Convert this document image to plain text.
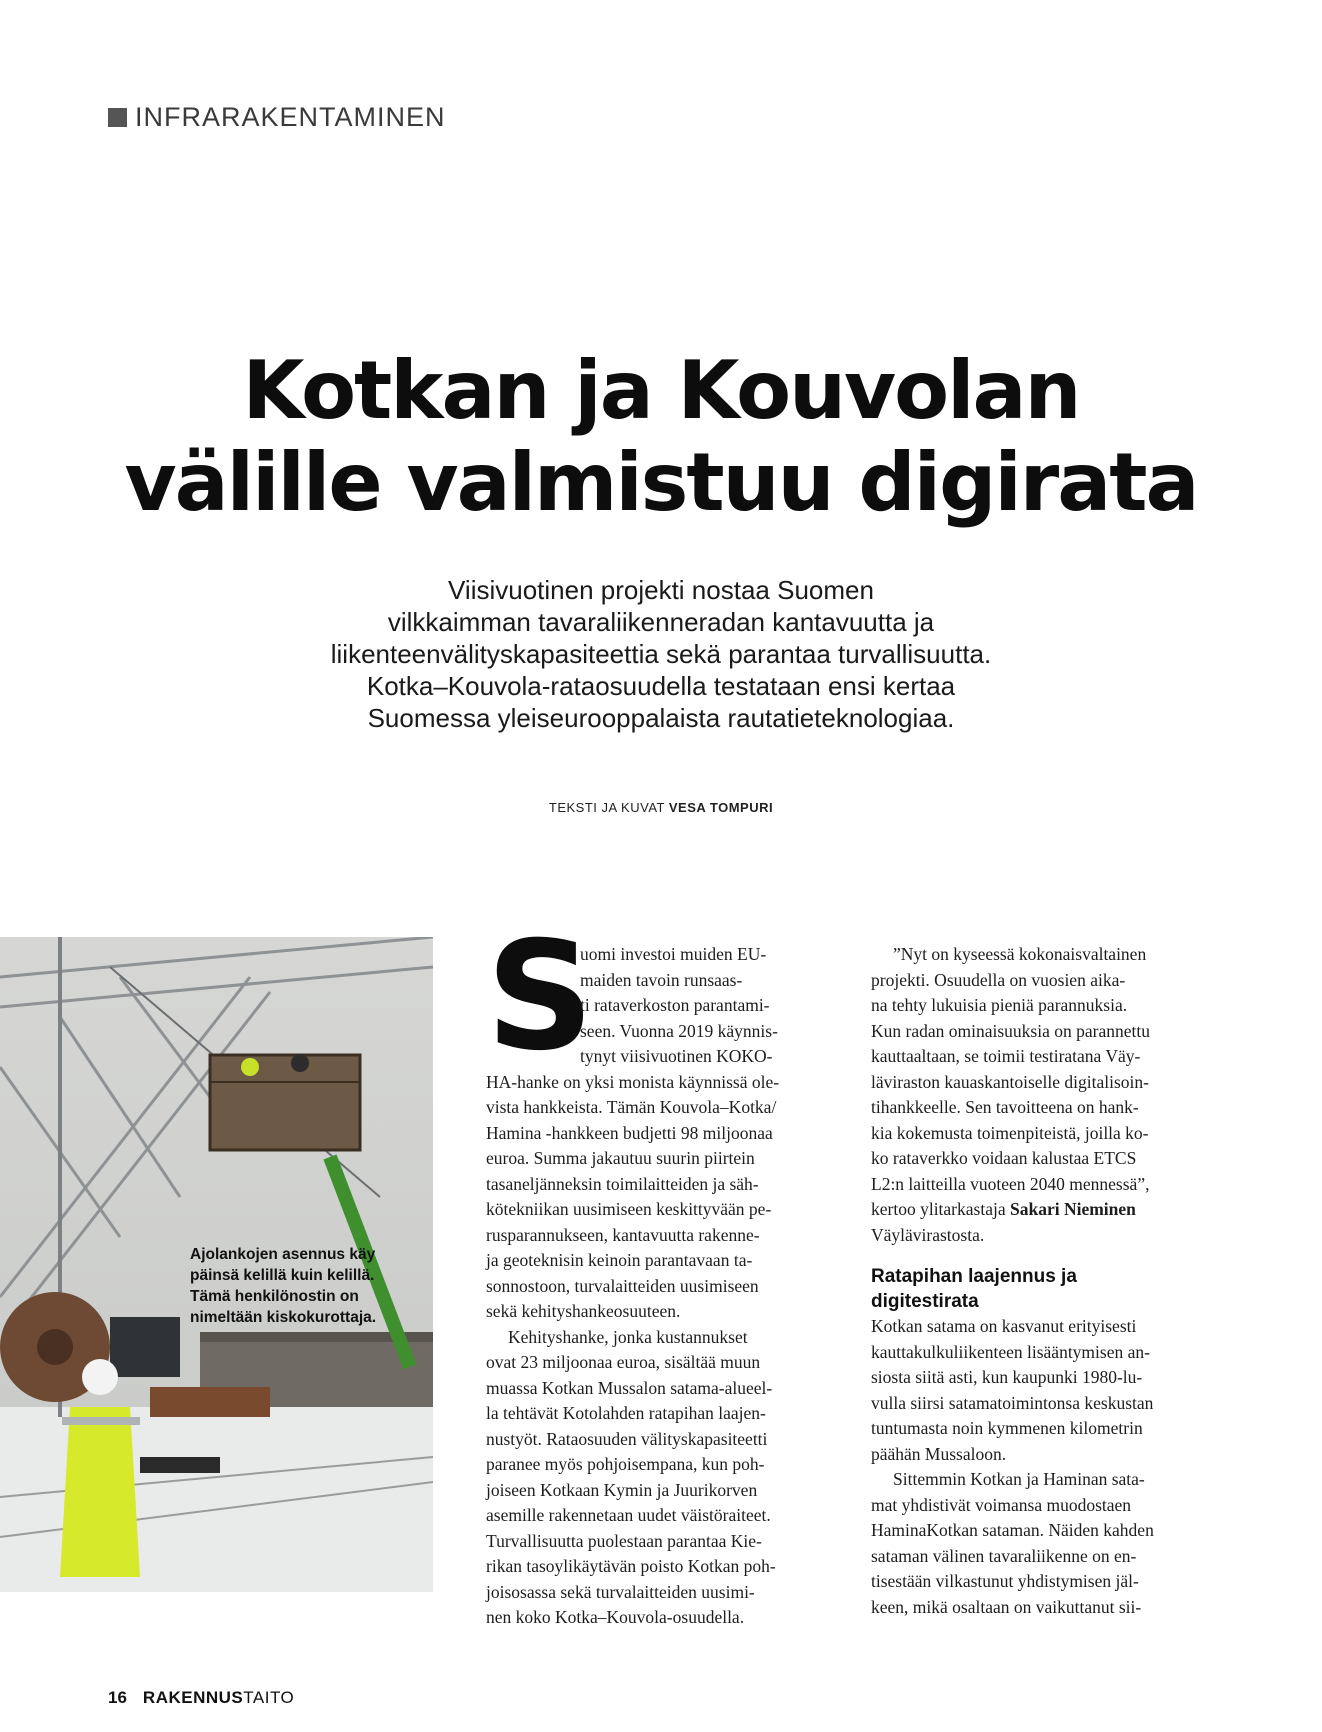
INFRARAKENTAMINEN
Kotkan ja Kouvolan
välille valmistuu digirata
Viisivuotinen projekti nostaa Suomen
vilkkaimman tavaraliikenneradan kantavuutta ja
liikenteenvälityskapasiteettia sekä parantaa turvallisuutta.
Kotka–Kouvola-rataosuudella testataan ensi kertaa
Suomessa yleiseurooppalaista rautatieteknologiaa.
TEKSTI JA KUVAT VESA TOMPURI
Ajolankojen asennus käy päinsä kelillä kuin kelillä. Tämä henkilönostin on nimeltään kiskokurottaja.
S
uomi investoi muiden EU-
maiden tavoin runsaas-
ti rataverkoston parantami-
seen. Vuonna 2019 käynnis-
tynyt viisivuotinen KOKO-
HA-hanke on yksi monista käynnissä ole-
vista hankkeista. Tämän Kouvola–Kotka/
Hamina -hankkeen budjetti 98 miljoonaa
euroa. Summa jakautuu suurin piirtein
tasaneljänneksin toimilaitteiden ja säh-
kötekniikan uusimiseen keskittyvään pe-
rusparannukseen, kantavuutta rakenne-
ja geoteknisin keinoin parantavaan ta-
sonnostoon, turvalaitteiden uusimiseen
sekä kehityshankeosuuteen.
Kehityshanke, jonka kustannukset
ovat 23 miljoonaa euroa, sisältää muun
muassa Kotkan Mussalon satama-alueel-
la tehtävät Kotolahden ratapihan laajen-
nustyöt. Rataosuuden välityskapasiteetti
paranee myös pohjoisempana, kun poh-
joiseen Kotkaan Kymin ja Juurikorven
asemille rakennetaan uudet väistöraiteet.
Turvallisuutta puolestaan parantaa Kie-
rikan tasoylikäytävän poisto Kotkan poh-
joisosassa sekä turvalaitteiden uusimi-
nen koko Kotka–Kouvola-osuudella.
”Nyt on kyseessä kokonaisvaltainen
projekti. Osuudella on vuosien aika-
na tehty lukuisia pieniä parannuksia.
Kun radan ominaisuuksia on parannettu
kauttaaltaan, se toimii testiratana Väy-
läviraston kauaskantoiselle digitalisoin-
tihankkeelle. Sen tavoitteena on hank-
kia kokemusta toimenpiteistä, joilla ko-
ko rataverkko voidaan kalustaa ETCS
L2:n laitteilla vuoteen 2040 mennessä”,
kertoo ylitarkastaja Sakari Nieminen
Väylävirastosta.
Ratapihan laajennus ja
digitestirata
Kotkan satama on kasvanut erityisesti
kauttakulkuliikenteen lisääntymisen an-
siosta siitä asti, kun kaupunki 1980-lu-
vulla siirsi satamatoimintonsa keskustan
tuntumasta noin kymmenen kilometrin
päähän Mussaloon.
Sittemmin Kotkan ja Haminan sata-
mat yhdistivät voimansa muodostaen
HaminaKotkan sataman. Näiden kahden
sataman välinen tavaraliikenne on en-
tisestään vilkastunut yhdistymisen jäl-
keen, mikä osaltaan on vaikuttanut sii-
16 RAKENNUSTAITO
